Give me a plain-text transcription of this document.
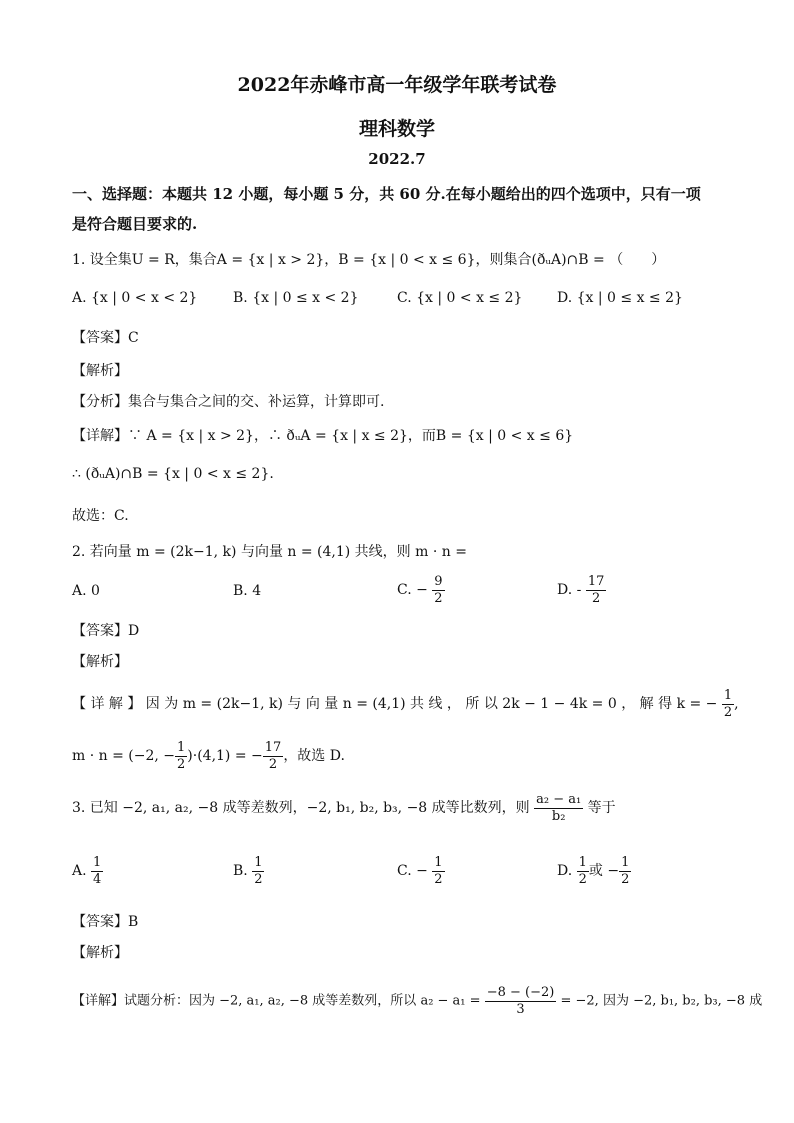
2022年赤峰市高一年级学年联考试卷
理科数学
2022.7
一、选择题：本题共 12 小题，每小题 5 分，共 60 分.在每小题给出的四个选项中，只有一项
是符合题目要求的.
1. 设全集U = R，集合A = {x | x > 2}，B = {x | 0 < x ≤ 6}，则集合(ðᵤA)∩B = （　　）
A. {x | 0 < x < 2}	B. {x | 0 ≤ x < 2}	C. {x | 0 < x ≤ 2} D. {x | 0 ≤ x ≤ 2}
【答案】C
【解析】
【分析】集合与集合之间的交、补运算，计算即可.
【详解】∵ A = {x | x > 2}，∴ ðᵤA = {x | x ≤ 2}，而B = {x | 0 < x ≤ 6}
∴ (ðᵤA)∩B = {x | 0 < x ≤ 2}.
故选：C.
2. 若向量 m = (2k−1, k) 与向量 n = (4,1) 共线，则 m · n =
A. 0	B. 4	C. − $\frac{9}{2}$	D. - $\frac{17}{2}$
【答案】D
【解析】
【 详 解 】 因 为 m = (2k−1, k) 与 向 量 n = (4,1) 共 线 ， 所 以 2k − 1 − 4k = 0 ， 解 得 k = − $\frac{1}{2}$ ,
m · n = (−2, − $\frac{1}{2} )\cdot(4,1)$ = − $\frac{17}{2}$ ，故选 D.
3. 已知 −2, a₁, a₂, −8 成等差数列，−2, b₁, b₂, b₃, −8 成等比数列，则 $\frac{\text{a₂ − a₁}}{\text{b₂}}$ 等于
A. $\frac{1}{4}$	B. $\frac{1}{2}$	C. − $\frac{1}{2}$	D. $\frac{1}{2}$ 或 − $\frac{1}{2}$
【答案】B
【解析】
【详解】试题分析：因为 −2, a₁, a₂, −8 成等差数列，所以 $a_2 - a_1 = \frac{-8 - (-2)}{3} = -2$, 因为 −2, b₁, b₂, b₃, −8 成
